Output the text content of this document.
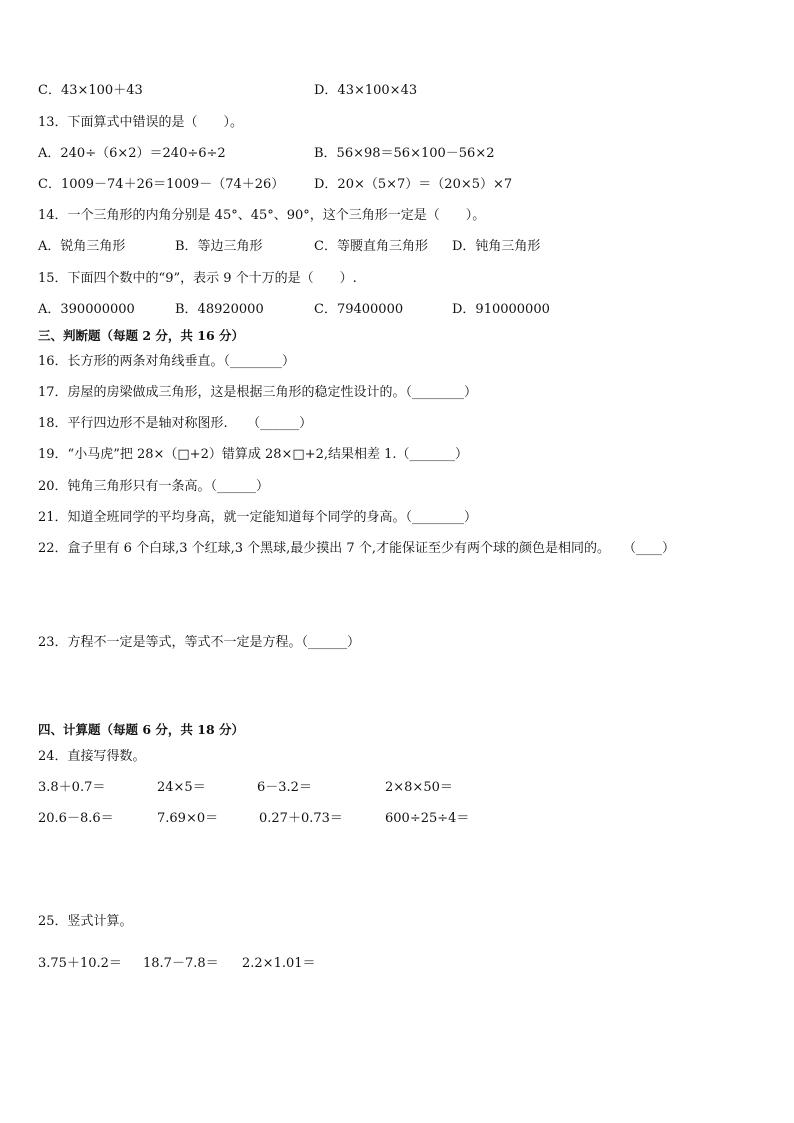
C．43×100＋43	D．43×100×43
13．下面算式中错误的是（　　）。
A．240÷（6×2）＝240÷6÷2	B．56×98＝56×100－56×2
C．1009－74＋26＝1009－（74＋26） D．20×（5×7）＝（20×5）×7
14．一个三角形的内角分别是 45°、45°、90°，这个三角形一定是（　　）。
A．锐角三角形	B．等边三角形	C．等腰直角三角形 D．钝角三角形
15．下面四个数中的“9”，表示 9 个十万的是（　　）.
A．390000000	B．48920000	C．79400000	D．910000000
三、判断题（每题 2 分，共 16 分）
16．长方形的两条对角线垂直。（________）
17．房屋的房梁做成三角形，这是根据三角形的稳定性设计的。（________）
18．平行四边形不是轴对称图形.　　（______）
19．“小马虎”把 28×（□+2）错算成 28×□+2,结果相差 1.（_______）
20．钝角三角形只有一条高。（______）
21．知道全班同学的平均身高，就一定能知道每个同学的身高。（________）
22．盒子里有 6 个白球,3 个红球,3 个黑球,最少摸出 7 个,才能保证至少有两个球的颜色是相同的。　　（____）
23．方程不一定是等式，等式不一定是方程。（______）
四、计算题（每题 6 分，共 18 分）
24．直接写得数。
3.8＋0.7＝	24×5＝	6－3.2＝	2×8×50＝
20.6－8.6＝	7.69×0＝	0.27＋0.73＝	600÷25÷4＝
25．竖式计算。
3.75＋10.2＝ 18.7－7.8＝ 2.2×1.01＝
